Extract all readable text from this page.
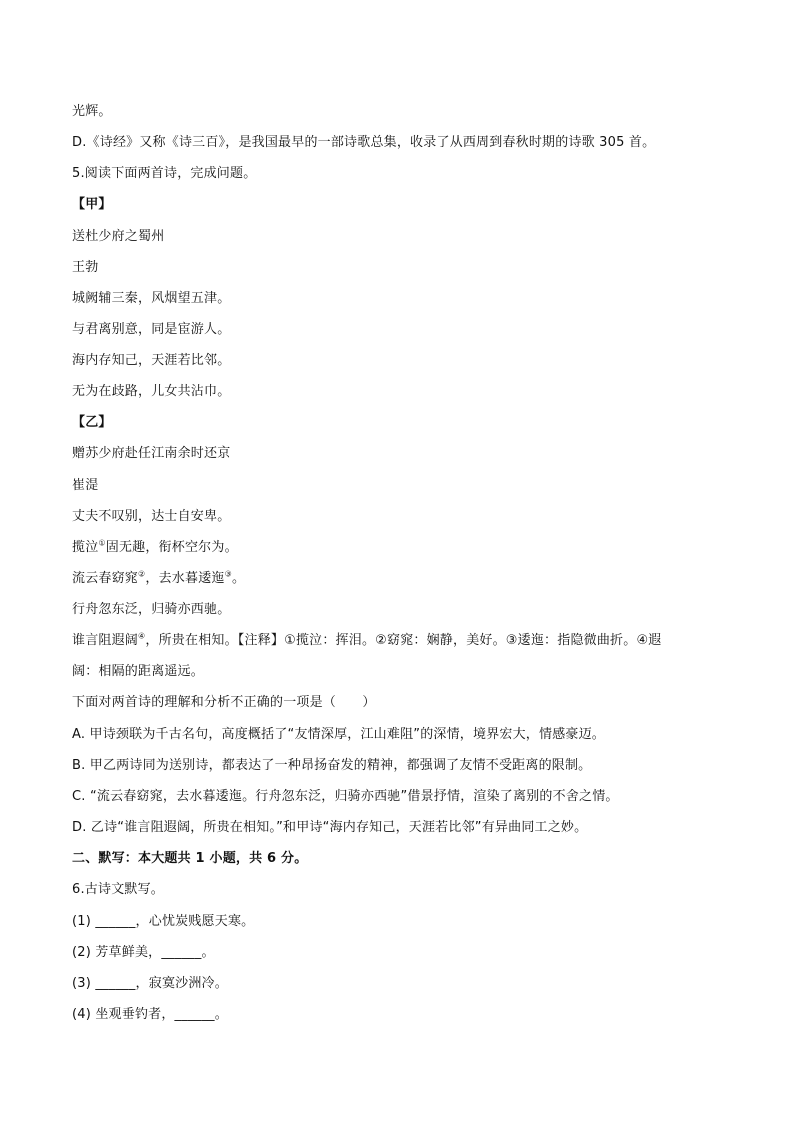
光辉。
D.《诗经》又称《诗三百》，是我国最早的一部诗歌总集，收录了从西周到春秋时期的诗歌 305 首。
5.阅读下面两首诗，完成问题。
【甲】
送杜少府之蜀州
王勃
城阙辅三秦，风烟望五津。
与君离别意，同是宦游人。
海内存知己，天涯若比邻。
无为在歧路，儿女共沾巾。
【乙】
赠苏少府赴任江南余时还京
崔湜
丈夫不叹别，达士自安卑。
揽泣①固无趣，衔杯空尔为。
流云春窈窕②，去水暮逶迤③。
行舟忽东泛，归骑亦西驰。
谁言阻遐阔④，所贵在相知。【注释】①揽泣：挥泪。②窈窕：娴静，美好。③逶迤：指隐微曲折。④遐
阔：相隔的距离遥远。
下面对两首诗的理解和分析不正确的一项是（　　）
A. 甲诗颈联为千古名句，高度概括了“友情深厚，江山难阻”的深情，境界宏大，情感豪迈。
B. 甲乙两诗同为送别诗，都表达了一种昂扬奋发的精神，都强调了友情不受距离的限制。
C. “流云春窈窕，去水暮逶迤。行舟忽东泛，归骑亦西驰”借景抒情，渲染了离别的不舍之情。
D. 乙诗“谁言阻遐阔，所贵在相知。”和甲诗“海内存知己，天涯若比邻”有异曲同工之妙。
二、默写：本大题共 1 小题，共 6 分。
6.古诗文默写。
(1) ______，心忧炭贱愿天寒。
(2) 芳草鲜美，______。
(3) ______，寂寞沙洲冷。
(4) 坐观垂钓者，______。
